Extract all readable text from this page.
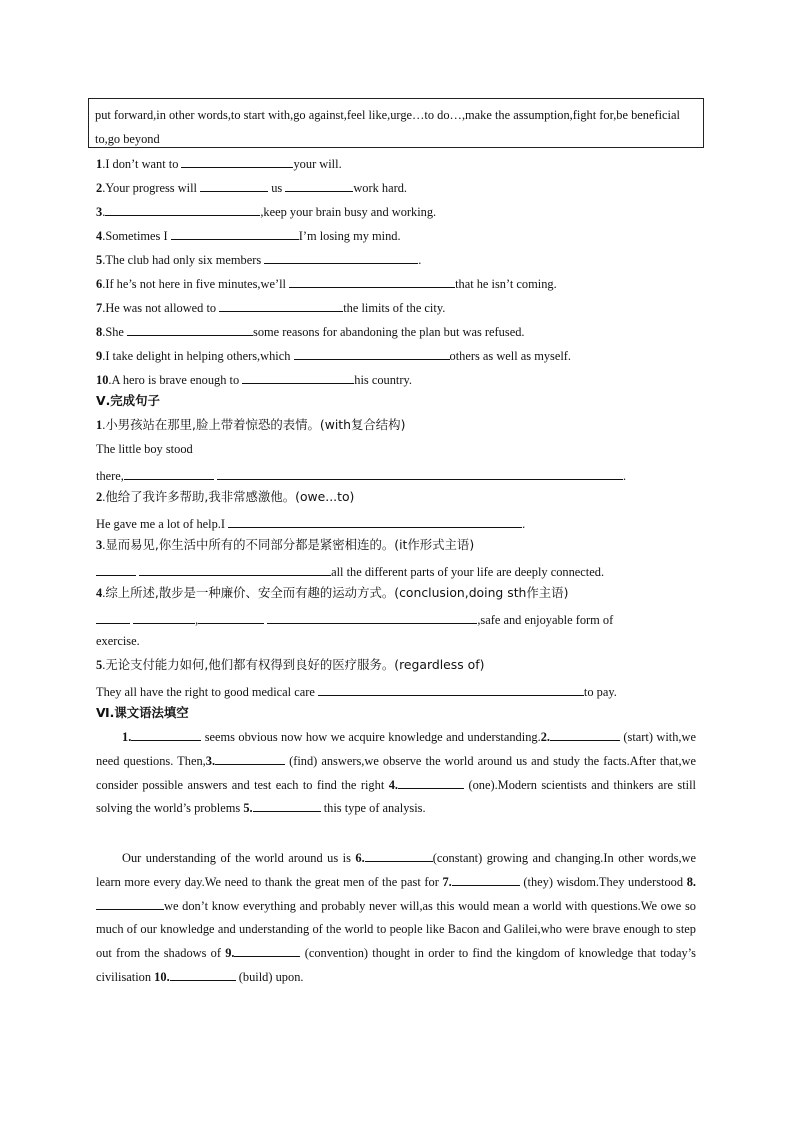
put forward,in other words,to start with,go against,feel like,urge…to do…,make the assumption,fight for,be beneficial to,go beyond
1.I don’t want to	your will.
2.Your progress will	us	work hard.
3.	,keep your brain busy and working.
4.Sometimes I	I’m losing my mind.
5.The club had only six members	.
6.If he’s not here in five minutes,we’ll	that he isn’t coming.
7.He was not allowed to	the limits of the city.
8.She	some reasons for abandoning the plan but was refused.
9.I take delight in helping others,which	others as well as myself.
10.A hero is brave enough to	his country.
Ⅴ.完成句子
1.小男孩站在那里,脸上带着惊恐的表情。(with复合结构)
The little boy stood
there,	.
2.他给了我许多帮助,我非常感激他。(owe...to)
He gave me a lot of help.I	.
3.显而易见,你生活中所有的不同部分都是紧密相连的。(it作形式主语)
all the different parts of your life are deeply connected.
4.综上所述,散步是一种廉价、安全而有趣的运动方式。(conclusion,doing sth作主语)
,	,safe and enjoyable form of
exercise.
5.无论支付能力如何,他们都有权得到良好的医疗服务。(regardless of)
They all have the right to good medical care	to pay.
Ⅵ.课文语法填空
1.	seems obvious now how we acquire knowledge and understanding.2.	(start) with,we need questions. Then,3.	(find) answers,we observe the world around us and study the facts.After that,we consider possible answers and test each to find the right 4.	(one).Modern scientists and thinkers are still solving the world’s problems 5.	this type of analysis.
Our understanding of the world around us is 6.	(constant) growing and changing.In other words,we learn more every day.We need to thank the great men of the past for 7.	(they) wisdom.They understood 8.we don’t know everything and probably never will,as this would mean a world with questions.We owe so much of our knowledge and understanding of the world to people like Bacon and Galilei,who were brave enough to step out from the shadows of 9.	(convention) thought in order to find the kingdom of knowledge that today’s civilisation 10.	(build) upon.
